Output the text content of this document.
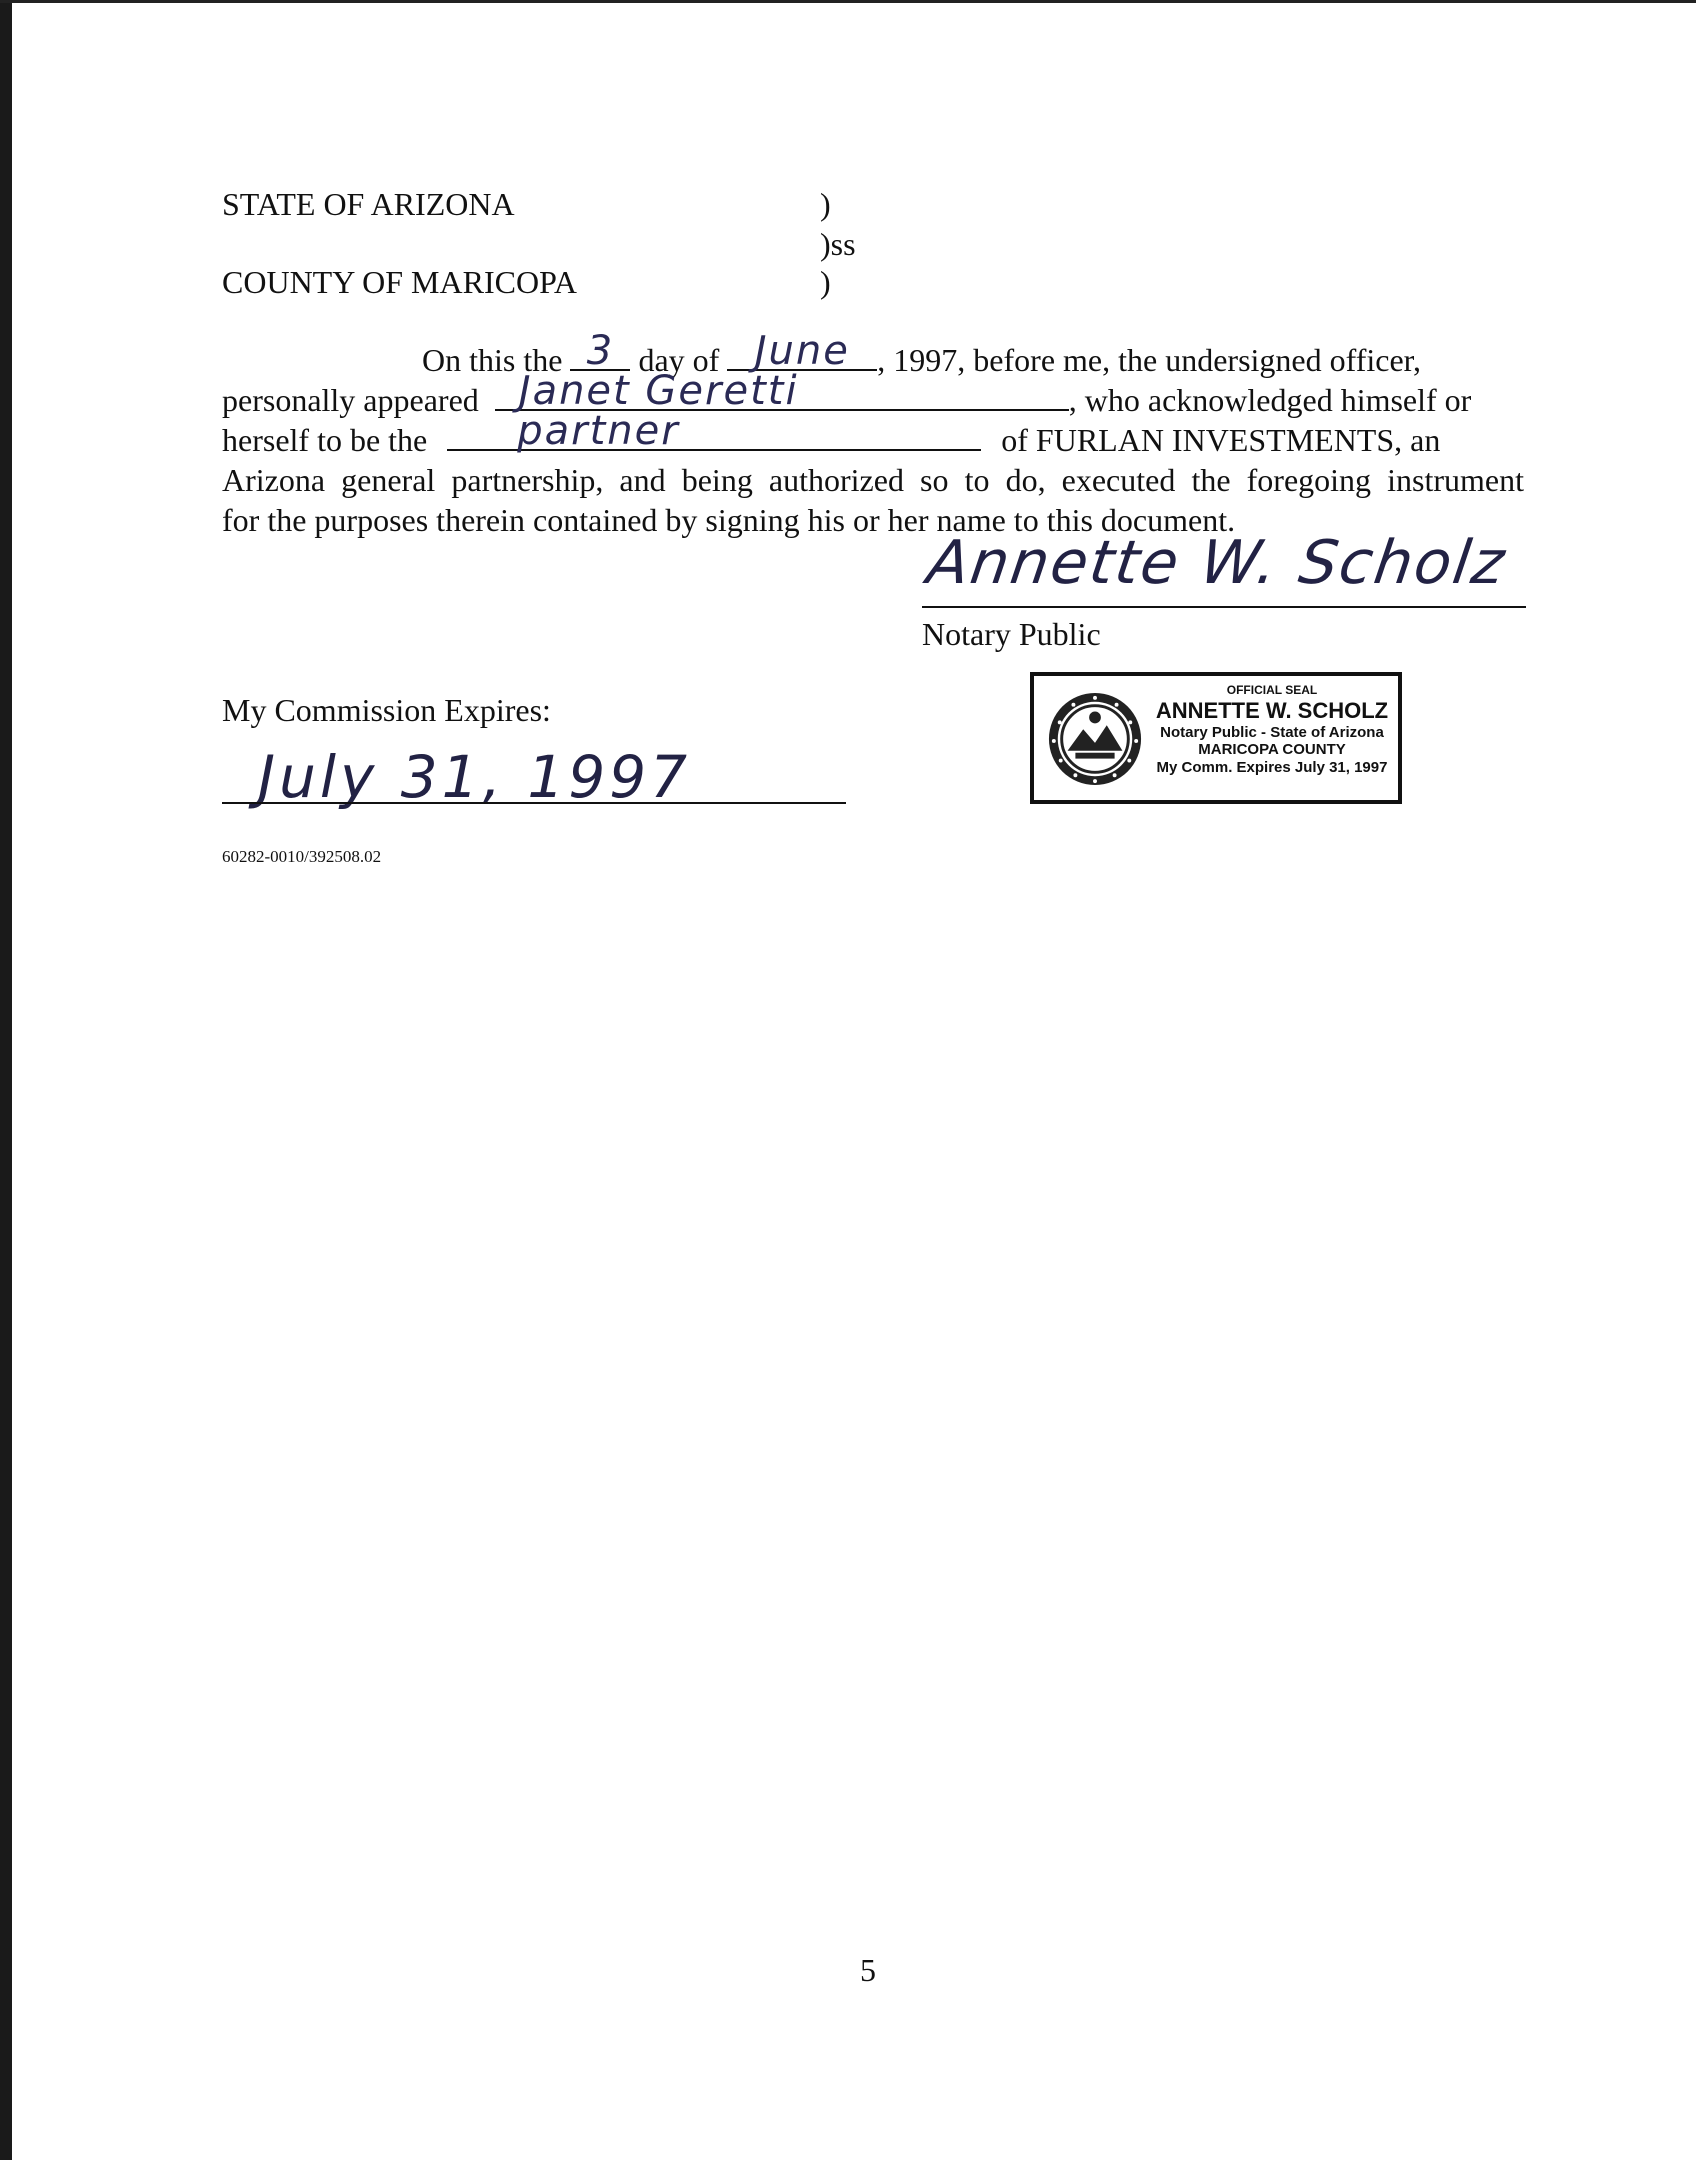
STATE OF ARIZONA
COUNTY OF MARICOPA
)
)ss
)
On this the 3 day of June , 1997, before me, the undersigned officer,
personally appeared Janet Geretti	, who acknowledged himself or
herself to be the partner	of FURLAN INVESTMENTS, an
Arizona general partnership, and being authorized so to do, executed the foregoing instrument
for the purposes therein contained by signing his or her name to this document.
Annette W. Scholz
Notary Public
My Commission Expires:
July 31, 1997
OFFICIAL SEAL
ANNETTE W. SCHOLZ
Notary Public - State of Arizona
MARICOPA COUNTY
My Comm. Expires July 31, 1997
60282-0010/392508.02
5
